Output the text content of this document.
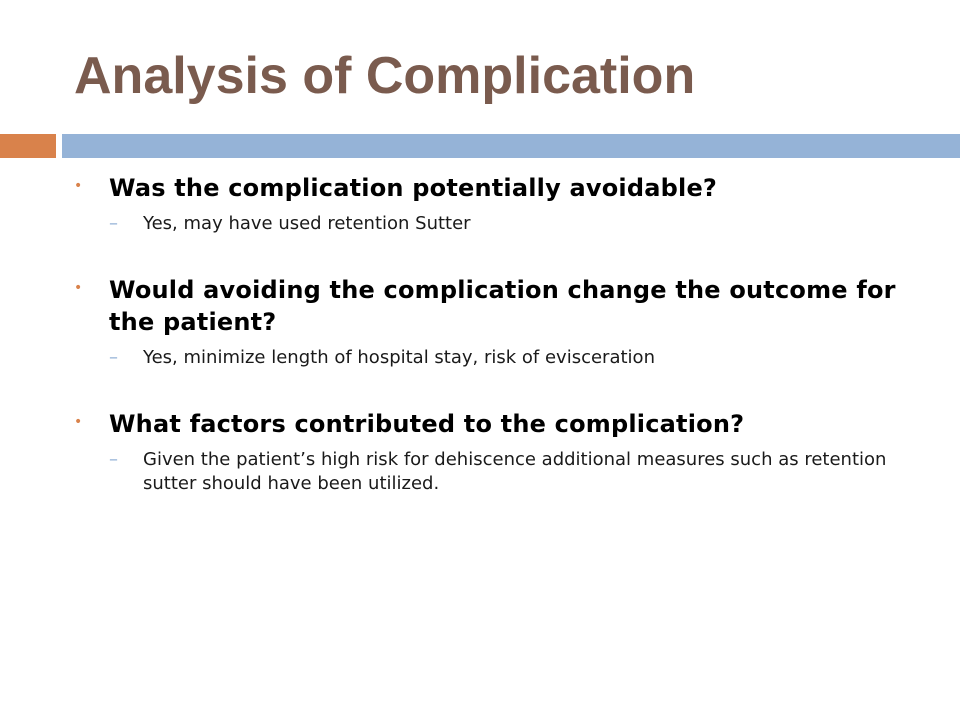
Analysis of Complication
• Was the complication potentially avoidable?
– Yes, may have used retention Sutter
• Would avoiding the complication change the outcome for the patient?
– Yes, minimize length of hospital stay, risk of evisceration
• What factors contributed to the complication?
– Given the patient’s high risk for dehiscence additional measures such as retention sutter should have been utilized.
